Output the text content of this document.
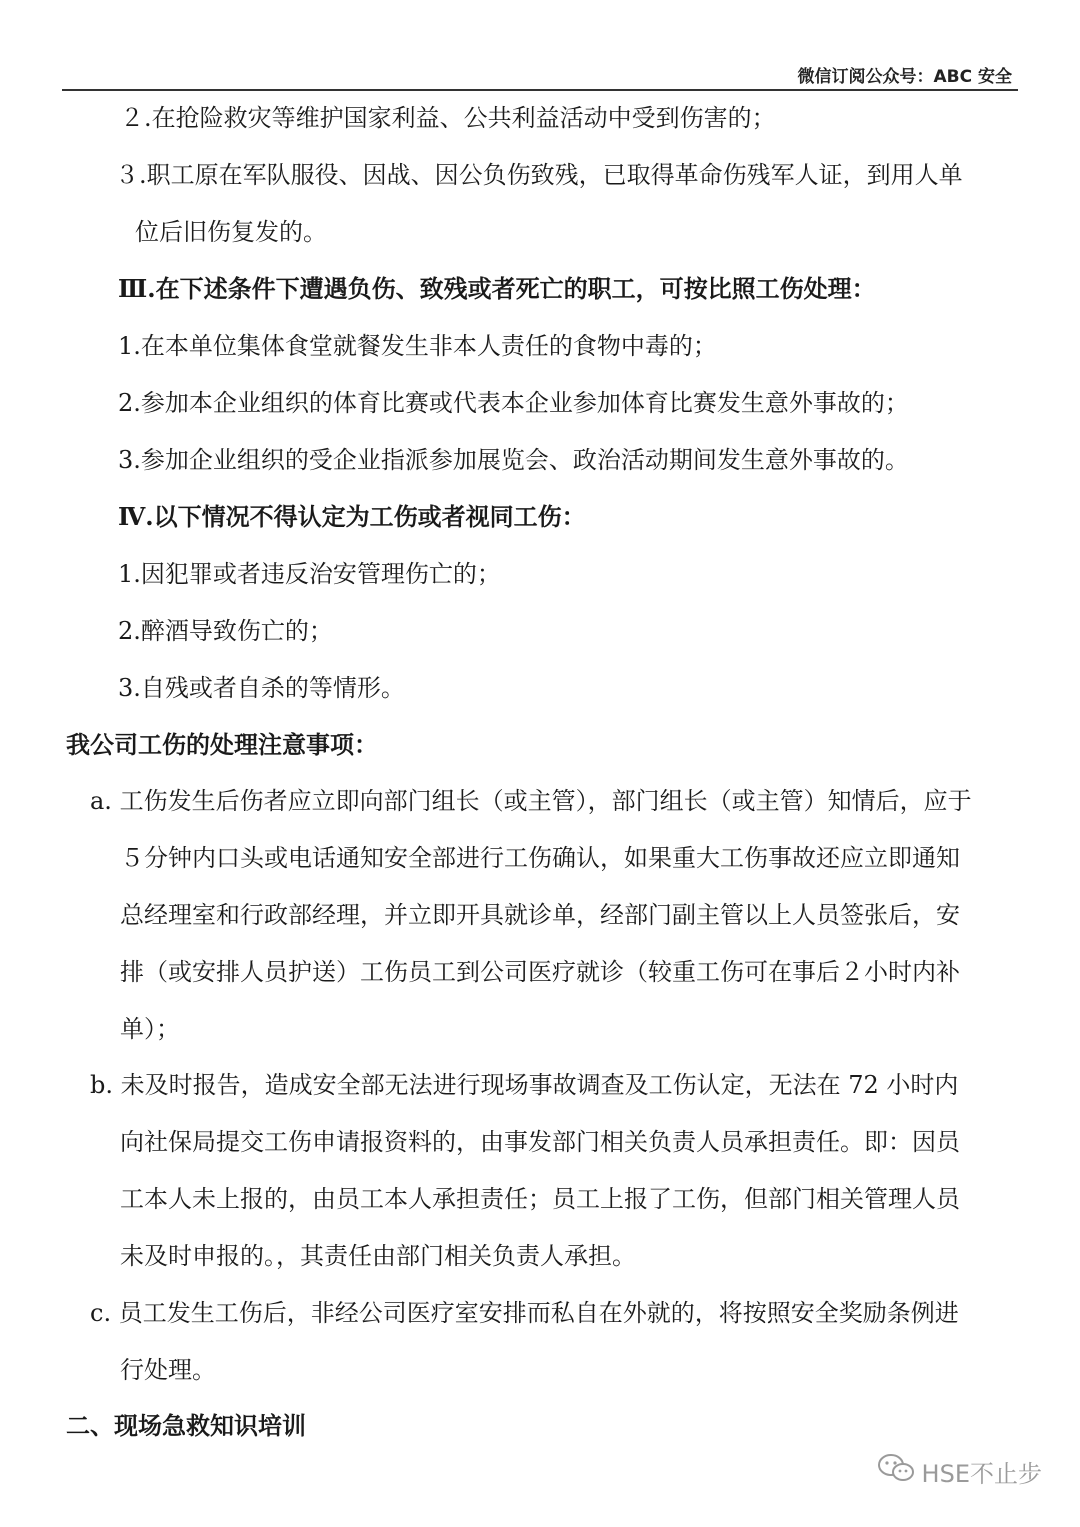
微信订阅公众号：ABC 安全
２.在抢险救灾等维护国家利益、公共利益活动中受到伤害的；
３.职工原在军队服役、因战、因公负伤致残，已取得革命伤残军人证，到用人单
位后旧伤复发的。
Ⅲ.在下述条件下遭遇负伤、致残或者死亡的职工，可按比照工伤处理：
1.在本单位集体食堂就餐发生非本人责任的食物中毒的；
2.参加本企业组织的体育比赛或代表本企业参加体育比赛发生意外事故的；
3.参加企业组织的受企业指派参加展览会、政治活动期间发生意外事故的。
Ⅳ.以下情况不得认定为工伤或者视同工伤：
1.因犯罪或者违反治安管理伤亡的；
2.醉酒导致伤亡的；
3.自残或者自杀的等情形。
我公司工伤的处理注意事项：
a. 工伤发生后伤者应立即向部门组长（或主管），部门组长（或主管）知情后，应于
５分钟内口头或电话通知安全部进行工伤确认，如果重大工伤事故还应立即通知
总经理室和行政部经理，并立即开具就诊单，经部门副主管以上人员签张后，安
排（或安排人员护送）工伤员工到公司医疗就诊（较重工伤可在事后２小时内补
单）；
b. 未及时报告，造成安全部无法进行现场事故调查及工伤认定，无法在 72 小时内
向社保局提交工伤申请报资料的，由事发部门相关负责人员承担责任。即：因员
工本人未上报的，由员工本人承担责任；员工上报了工伤，但部门相关管理人员
未及时申报的。，其责任由部门相关负责人承担。
c. 员工发生工伤后，非经公司医疗室安排而私自在外就的，将按照安全奖励条例进
行处理。
二、现场急救知识培训
HSE不止步
